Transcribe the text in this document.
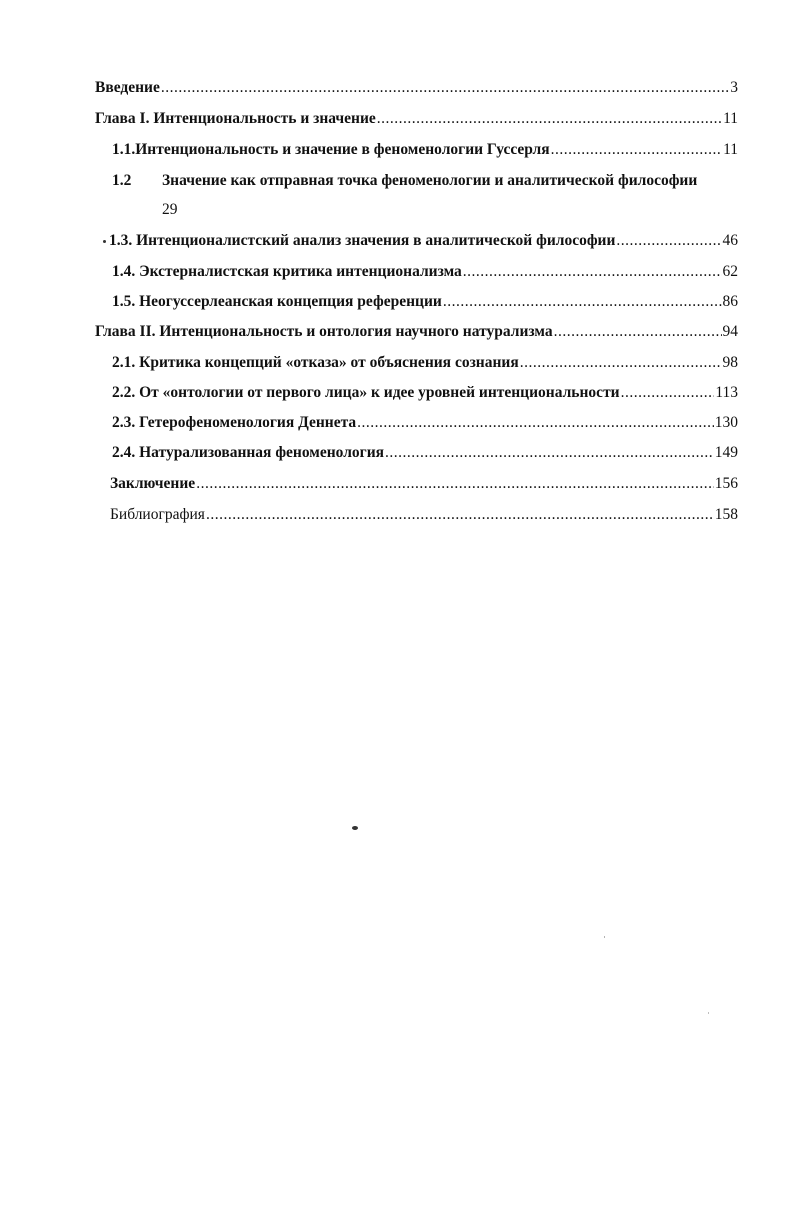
Введение .....	3
Глава I. Интенциональность и значение .....	11
1.1. Интенциональность и значение в феноменологии Гуссерля .....	11
1.2 Значение как отправная точка феноменологии и аналитической философии
29
1.3. Интенционалистский анализ значения в аналитической философии .....	46
1.4. Экстерналистская критика интенционализма .....	62
1.5. Неогуссерлеанская концепция референции .....	86
Глава II. Интенциональность и онтология научного натурализма .....	94
2.1. Критика концепций «отказа» от объяснения сознания .....	98
2.2. От «онтологии от первого лица» к идее уровней интенциональности .....	113
2.3. Гетерофеноменология Деннета .....	130
2.4. Натурализованная феноменология .....	149
Заключение .....	156
Библиография .....	158
